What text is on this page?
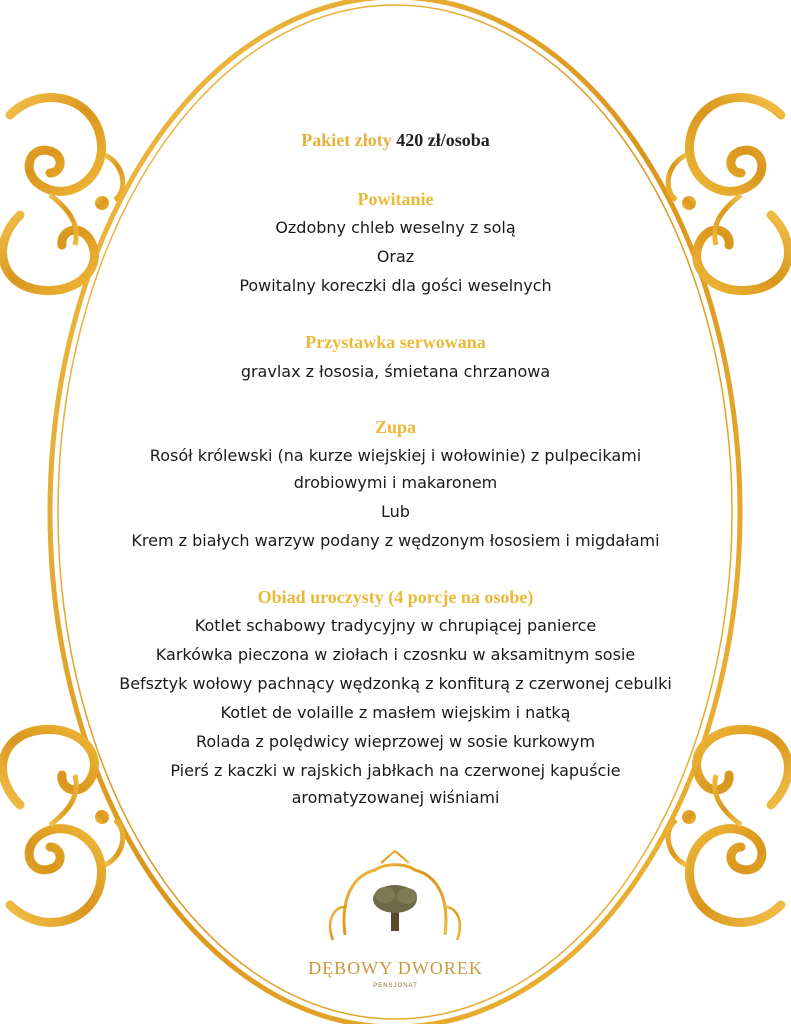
Pakiet złoty 420 zł/osoba
Powitanie
Ozdobny chleb weselny z solą
Oraz
Powitalny koreczki dla gości weselnych
Przystawka serwowana
gravlax z łososia, śmietana chrzanowa
Zupa
Rosół królewski (na kurze wiejskiej i wołowinie) z pulpecikami
drobiowymi i makaronem
Lub
Krem z białych warzyw podany z wędzonym łososiem i migdałami
Obiad uroczysty (4 porcje na osobe)
Kotlet schabowy tradycyjny w chrupiącej panierce
Karkówka pieczona w ziołach i czosnku w aksamitnym sosie
Befsztyk wołowy pachnący wędzonką z konfiturą z czerwonej cebulki
Kotlet de volaille z masłem wiejskim i natką
Rolada z polędwicy wieprzowej w sosie kurkowym
Pierś z kaczki w rajskich jabłkach na czerwonej kapuście
aromatyzowanej wiśniami
DĘBOWY DWOREK
PENSJONAT
